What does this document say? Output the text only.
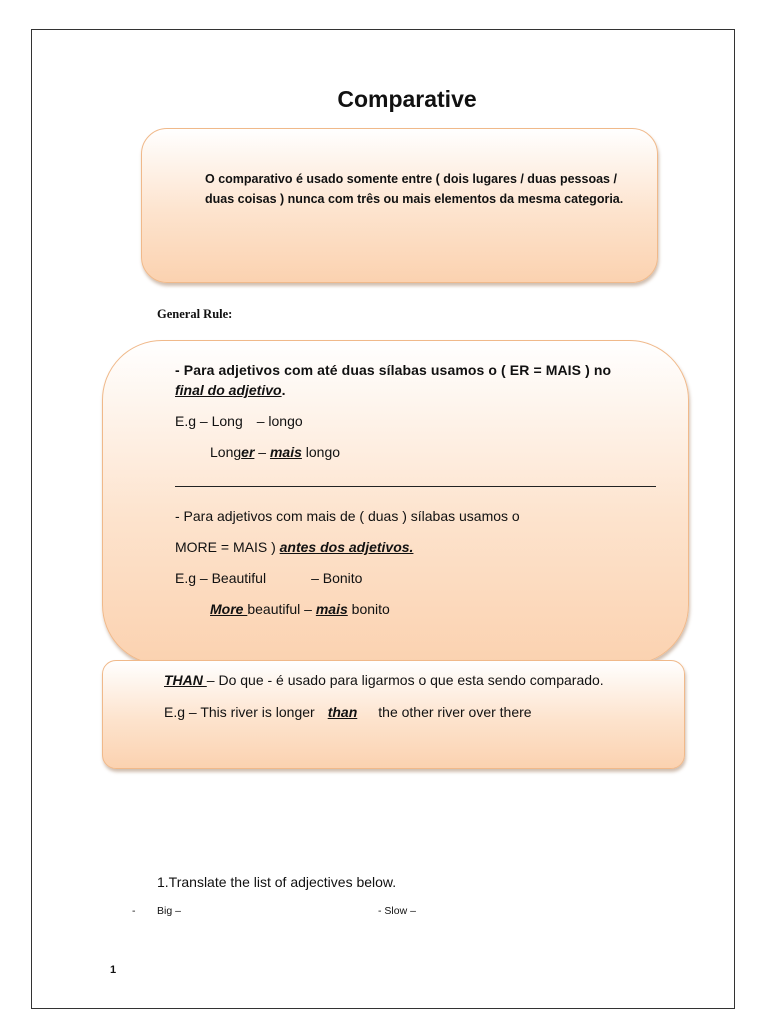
Comparative
O comparativo é usado somente entre ( dois lugares / duas pessoas / duas coisas ) nunca com três ou mais elementos da mesma categoria.
General Rule:
- Para adjetivos com até duas sílabas usamos o ( ER = MAIS ) no
final do adjetivo.
E.g – Long – longo
Longer – mais longo
- Para adjetivos com mais de ( duas ) sílabas usamos o
MORE = MAIS ) antes dos adjetivos.
E.g – Beautiful	– Bonito
More beautiful – mais bonito
THAN – Do que - é usado para ligarmos o que esta sendo comparado.
E.g – This river is longer than the other river over there
1.Translate the list of adjectives below.
- Big –	- Slow –
1
